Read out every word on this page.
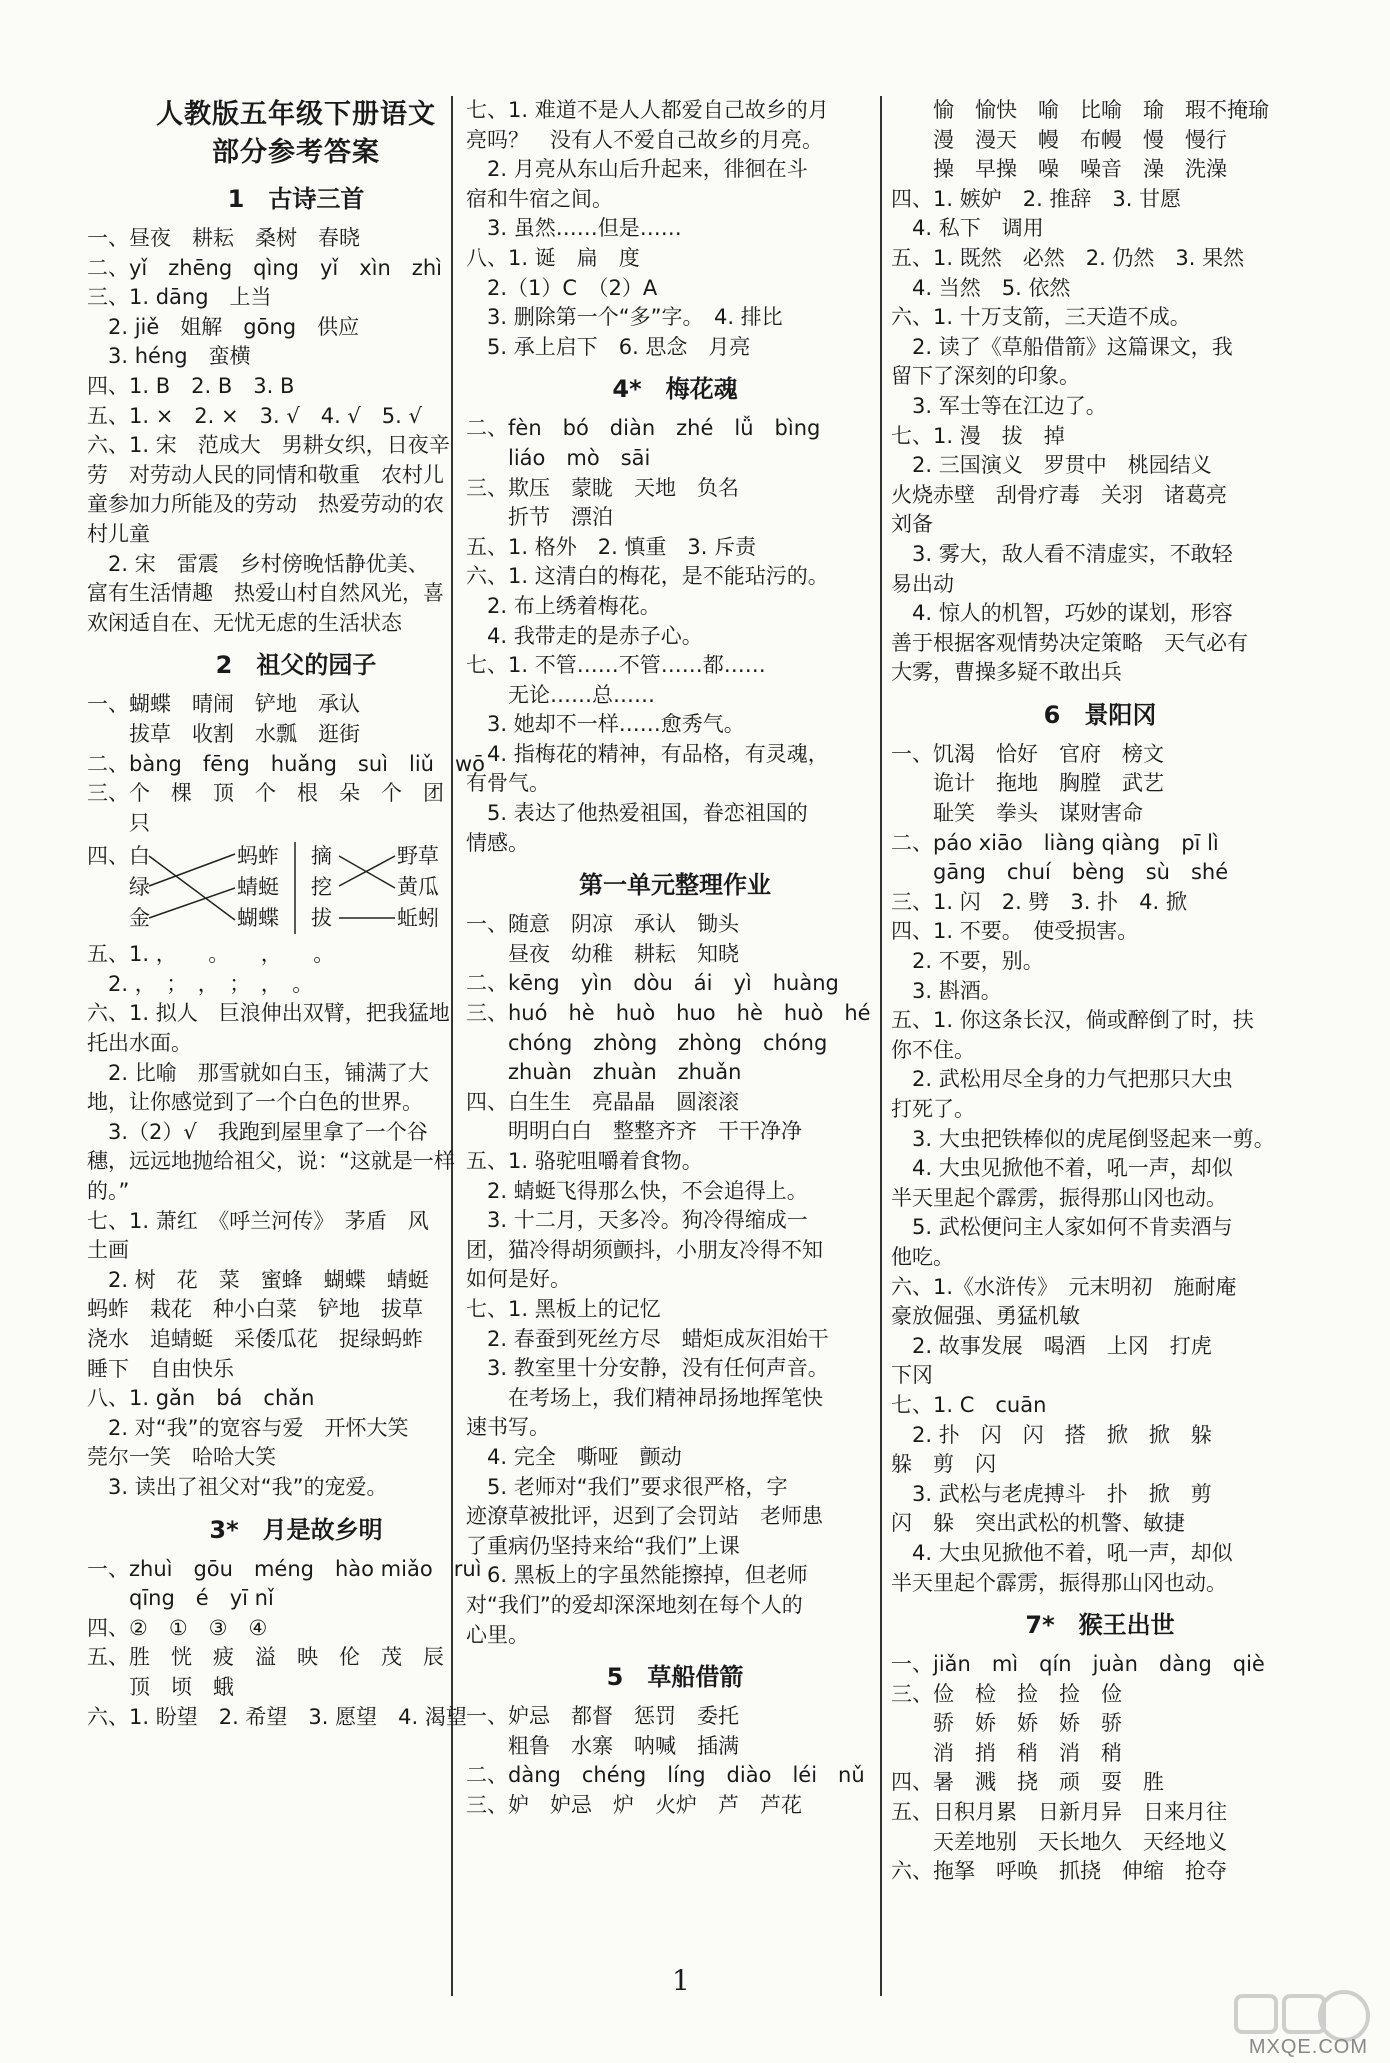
人教版五年级下册语文
部分参考答案
1　古诗三首
一、昼夜　耕耘　桑树　春晓
二、yǐ　zhēng　qìng　yǐ　xìn　zhì
三、1. dāng　上当
　2. jiě　姐解　gōng　供应
　3. héng　蛮横
四、1. B　2. B　3. B
五、1. ×　2. ×　3. √　4. √　5. √
六、1. 宋　范成大　男耕女织，日夜辛
劳　对劳动人民的同情和敬重　农村儿
童参加力所能及的劳动　热爱劳动的农
村儿童
　2. 宋　雷震　乡村傍晚恬静优美、
富有生活情趣　热爱山村自然风光，喜
欢闲适自在、无忧无虑的生活状态
2　祖父的园子
一、蝴蝶　晴闹　铲地　承认
　　拔草　收割　水瓢　逛街
二、bàng　fēng　huǎng　suì　liǔ　wō
三、个　棵　顶　个　根　朵　个　团
　　只
四、白
绿
金
蚂蚱
蜻蜓
蝴蝶
摘
挖
拔
野草
黄瓜
蚯蚓
五、1. ，　　。　　，　　。
　2. ，　；　，　；　，　。
六、1. 拟人　巨浪伸出双臂，把我猛地
托出水面。
　2. 比喻　那雪就如白玉，铺满了大
地，让你感觉到了一个白色的世界。
　3.（2）√　我跑到屋里拿了一个谷
穗，远远地抛给祖父，说：“这就是一样
的。”
七、1. 萧红　《呼兰河传》　茅盾　风
土画
　2. 树　花　菜　蜜蜂　蝴蝶　蜻蜓
蚂蚱　栽花　种小白菜　铲地　拔草
浇水　追蜻蜓　采倭瓜花　捉绿蚂蚱
睡下　自由快乐
八、1. gǎn　bá　chǎn
　2. 对“我”的宽容与爱　开怀大笑
莞尔一笑　哈哈大笑
　3. 读出了祖父对“我”的宠爱。
3*　月是故乡明
一、zhuì　gōu　méng　hào miǎo　ruì
　　qīng　é　yī nǐ
四、②　①　③　④
五、胜　恍　疲　溢　映　伦　茂　辰
　　顶　顷　蛾
六、1. 盼望　2. 希望　3. 愿望　4. 渴望
七、1. 难道不是人人都爱自己故乡的月
亮吗？　没有人不爱自己故乡的月亮。
　2. 月亮从东山后升起来，徘徊在斗
宿和牛宿之间。
　3. 虽然……但是……
八、1. 诞　扁　度
　2.（1）C　（2）A
　3. 删除第一个“多”字。　4. 排比
　5. 承上启下　6. 思念　月亮
4*　梅花魂
二、fèn　bó　diàn　zhé　lǚ　bìng
　　liáo　mò　sāi
三、欺压　蒙眬　天地　负名
　　折节　漂泊
五、1. 格外　2. 慎重　3. 斥责
六、1. 这清白的梅花，是不能玷污的。
　2. 布上绣着梅花。
　4. 我带走的是赤子心。
七、1. 不管……不管……都……
　　无论……总……
　3. 她却不一样……愈秀气。
　4. 指梅花的精神，有品格，有灵魂，
有骨气。
　5. 表达了他热爱祖国，眷恋祖国的
情感。
第一单元整理作业
一、随意　阴凉　承认　锄头
　　昼夜　幼稚　耕耘　知晓
二、kēng　yìn　dòu　ái　yì　huàng
三、huó　hè　huò　huo　hè　huò　hé
　　chóng　zhòng　zhòng　chóng
　　zhuàn　zhuàn　zhuǎn
四、白生生　亮晶晶　圆滚滚
　　明明白白　整整齐齐　干干净净
五、1. 骆驼咀嚼着食物。
　2. 蜻蜓飞得那么快，不会追得上。
　3. 十二月，天多冷。狗冷得缩成一
团，猫冷得胡须颤抖，小朋友冷得不知
如何是好。
七、1. 黑板上的记忆
　2. 春蚕到死丝方尽　蜡炬成灰泪始干
　3. 教室里十分安静，没有任何声音。
　　在考场上，我们精神昂扬地挥笔快
速书写。
　4. 完全　嘶哑　颤动
　5. 老师对“我们”要求很严格，字
迹潦草被批评，迟到了会罚站　老师患
了重病仍坚持来给“我们”上课
　6. 黑板上的字虽然能擦掉，但老师
对“我们”的爱却深深地刻在每个人的
心里。
5　草船借箭
一、妒忌　都督　惩罚　委托
　　粗鲁　水寨　呐喊　插满
二、dàng　chéng　líng　diào　léi　nǔ
三、妒　妒忌　炉　火炉　芦　芦花
　　愉　愉快　喻　比喻　瑜　瑕不掩瑜
　　漫　漫天　幔　布幔　慢　慢行
　　操　早操　噪　噪音　澡　洗澡
四、1. 嫉妒　2. 推辞　3. 甘愿
　4. 私下　调用
五、1. 既然　必然　2. 仍然　3. 果然
　4. 当然　5. 依然
六、1. 十万支箭，三天造不成。
　2. 读了《草船借箭》这篇课文，我
留下了深刻的印象。
　3. 军士等在江边了。
七、1. 漫　拔　掉
　2. 三国演义　罗贯中　桃园结义
火烧赤壁　刮骨疗毒　关羽　诸葛亮
刘备
　3. 雾大，敌人看不清虚实，不敢轻
易出动
　4. 惊人的机智，巧妙的谋划，形容
善于根据客观情势决定策略　天气必有
大雾，曹操多疑不敢出兵
6　景阳冈
一、饥渴　恰好　官府　榜文
　　诡计　拖地　胸膛　武艺
　　耻笑　拳头　谋财害命
二、páo xiāo　liàng qiàng　pī lì
　　gāng　chuí　bèng　sù　shé
三、1. 闪　2. 劈　3. 扑　4. 掀
四、1. 不要。　使受损害。
　2. 不要，别。
　3. 斟酒。
五、1. 你这条长汉，倘或醉倒了时，扶
你不住。
　2. 武松用尽全身的力气把那只大虫
打死了。
　3. 大虫把铁棒似的虎尾倒竖起来一剪。
　4. 大虫见掀他不着，吼一声，却似
半天里起个霹雳，振得那山冈也动。
　5. 武松便问主人家如何不肯卖酒与
他吃。
六、1.《水浒传》　元末明初　施耐庵
豪放倔强、勇猛机敏
　2. 故事发展　喝酒　上冈　打虎
下冈
七、1. C　cuān
　2. 扑　闪　闪　搭　掀　掀　躲
躲　剪　闪
　3. 武松与老虎搏斗　扑　掀　剪
闪　躲　突出武松的机警、敏捷
　4. 大虫见掀他不着，吼一声，却似
半天里起个霹雳，振得那山冈也动。
7*　猴王出世
一、jiǎn　mì　qín　juàn　dàng　qiè
三、俭　检　捡　捡　俭
　　骄　娇　娇　娇　骄
　　消　捎　稍　消　稍
四、暑　溅　挠　顽　耍　胜
五、日积月累　日新月异　日来月往
　　天差地别　天长地久　天经地义
六、拖拏　呼唤　抓挠　伸缩　抢夺
1
MXQE.COM
